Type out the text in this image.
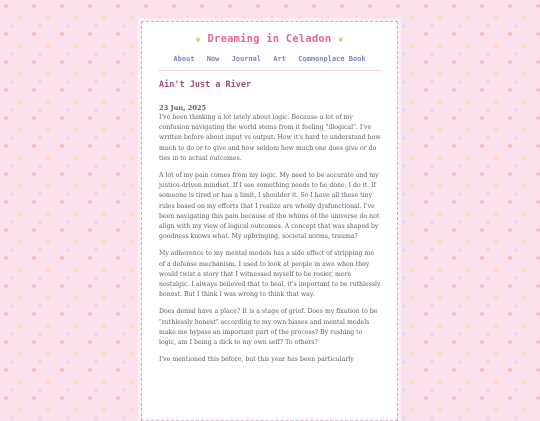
❦ Dreaming in Celadon ❦
About Now Journal Art Commonplace Book
Ain't Just a River
23 Jun, 2025

I've been thinking a lot lately about logic. Because a lot of my confusion navigating the world stems from it feeling "illogical". I've written before about input vs output. How it's hard to understand how much to do or to give and how seldom how much one does give or do ties in to actual outcomes.

A lot of my pain comes from my logic. My need to be accurate and my justice-driven mindset. If I see something needs to be done, I do it. If someone is tired or has a limit, I shoulder it. So I have all these tiny rules based on my efforts that I realize are wholly dysfunctional. I've been navigating this pain because of the whims of the universe do not align with my view of logical outcomes. A concept that was shaped by goodness knows what. My upbringing, societal norms, trauma?

My adherence to my mental models has a side effect of stripping me of a defense mechanism. I used to look at people in awe when they would twist a story that I witnessed myself to be rosier, more nostalgic. I always believed that to heal, it's important to be ruthlessly honest. But I think I was wrong to think that way.

Does denial have a place? It is a stage of grief. Does my fixation to be "ruthlessly honest" according to my own biases and mental models make me bypass an important part of the process? By rushing to logic, am I being a dick to my own self? To others?

I've mentioned this before, but this year has been particularly
